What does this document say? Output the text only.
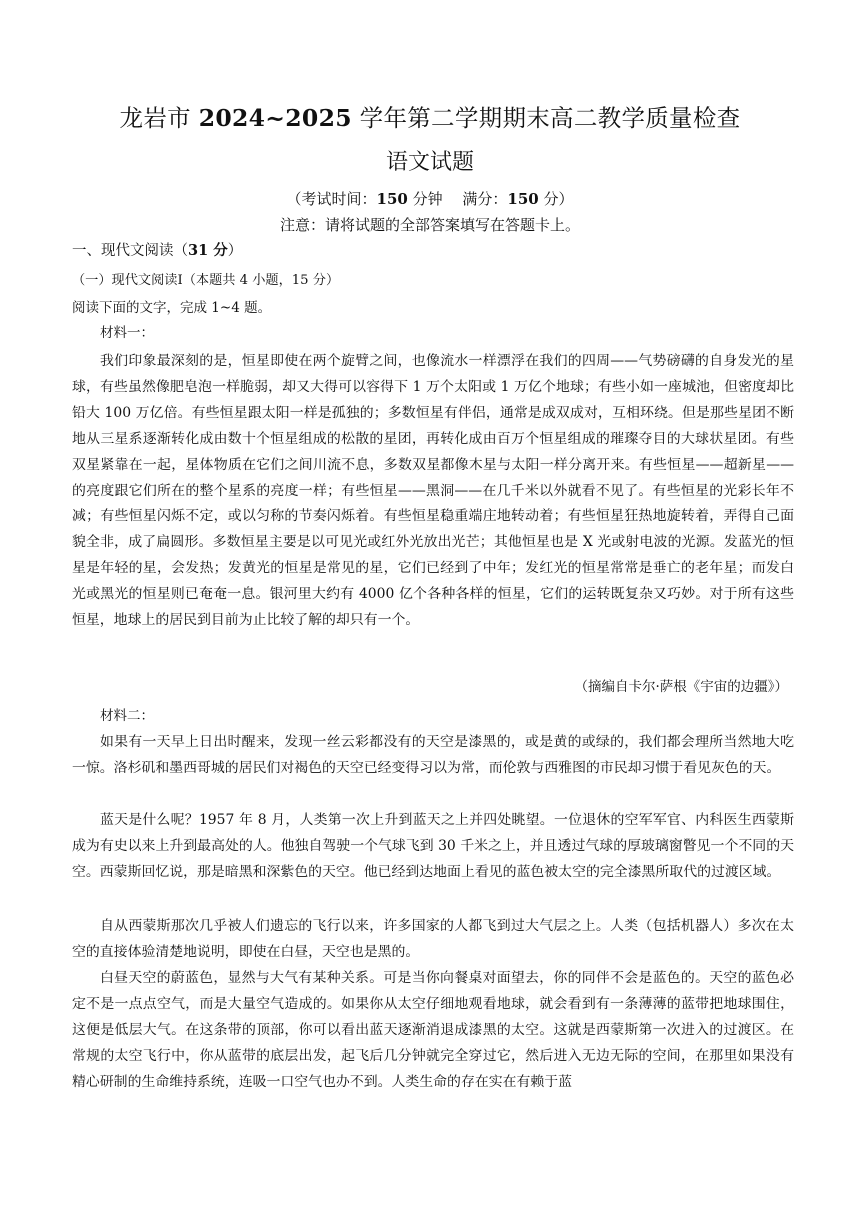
龙岩市 2024~2025 学年第二学期期末高二教学质量检查
语文试题
（考试时间：150 分钟　 满分：150 分）
注意：请将试题的全部答案填写在答题卡上。
一、现代文阅读（31 分）
（一）现代文阅读Ⅰ（本题共 4 小题，15 分）
阅读下面的文字，完成 1~4 题。
材料一：

我们印象最深刻的是，恒星即使在两个旋臂之间，也像流水一样漂浮在我们的四周——气势磅礴的自身发光的星球，有些虽然像肥皂泡一样脆弱，却又大得可以容得下 1 万个太阳或 1 万亿个地球；有些小如一座城池，但密度却比铅大 100 万亿倍。有些恒星跟太阳一样是孤独的；多数恒星有伴侣，通常是成双成对，互相环绕。但是那些星团不断地从三星系逐渐转化成由数十个恒星组成的松散的星团，再转化成由百万个恒星组成的璀璨夺目的大球状星团。有些双星紧靠在一起，星体物质在它们之间川流不息，多数双星都像木星与太阳一样分离开来。有些恒星——超新星——的亮度跟它们所在的整个星系的亮度一样；有些恒星——黑洞——在几千米以外就看不见了。有些恒星的光彩长年不减；有些恒星闪烁不定，或以匀称的节奏闪烁着。有些恒星稳重端庄地转动着；有些恒星狂热地旋转着，弄得自己面貌全非，成了扁圆形。多数恒星主要是以可见光或红外光放出光芒；其他恒星也是 X 光或射电波的光源。发蓝光的恒星是年轻的星，会发热；发黄光的恒星是常见的星，它们已经到了中年；发红光的恒星常常是垂亡的老年星；而发白光或黑光的恒星则已奄奄一息。银河里大约有 4000 亿个各种各样的恒星，它们的运转既复杂又巧妙。对于所有这些恒星，地球上的居民到目前为止比较了解的却只有一个。

（摘编自卡尔·萨根《宇宙的边疆》）
材料二：

如果有一天早上日出时醒来，发现一丝云彩都没有的天空是漆黑的，或是黄的或绿的，我们都会理所当然地大吃一惊。洛杉矶和墨西哥城的居民们对褐色的天空已经变得习以为常，而伦敦与西雅图的市民却习惯于看见灰色的天。

蓝天是什么呢？1957 年 8 月，人类第一次上升到蓝天之上并四处眺望。一位退休的空军军官、内科医生西蒙斯成为有史以来上升到最高处的人。他独自驾驶一个气球飞到 30 千米之上，并且透过气球的厚玻璃窗瞥见一个不同的天空。西蒙斯回忆说，那是暗黑和深紫色的天空。他已经到达地面上看见的蓝色被太空的完全漆黑所取代的过渡区域。

自从西蒙斯那次几乎被人们遗忘的飞行以来，许多国家的人都飞到过大气层之上。人类（包括机器人）多次在太空的直接体验清楚地说明，即使在白昼，天空也是黑的。

白昼天空的蔚蓝色，显然与大气有某种关系。可是当你向餐桌对面望去，你的同伴不会是蓝色的。天空的蓝色必定不是一点点空气，而是大量空气造成的。如果你从太空仔细地观看地球，就会看到有一条薄薄的蓝带把地球围住，这便是低层大气。在这条带的顶部，你可以看出蓝天逐渐消退成漆黑的太空。这就是西蒙斯第一次进入的过渡区。在常规的太空飞行中，你从蓝带的底层出发，起飞后几分钟就完全穿过它，然后进入无边无际的空间，在那里如果没有精心研制的生命维持系统，连吸一口空气也办不到。人类生命的存在实在有赖于蓝
